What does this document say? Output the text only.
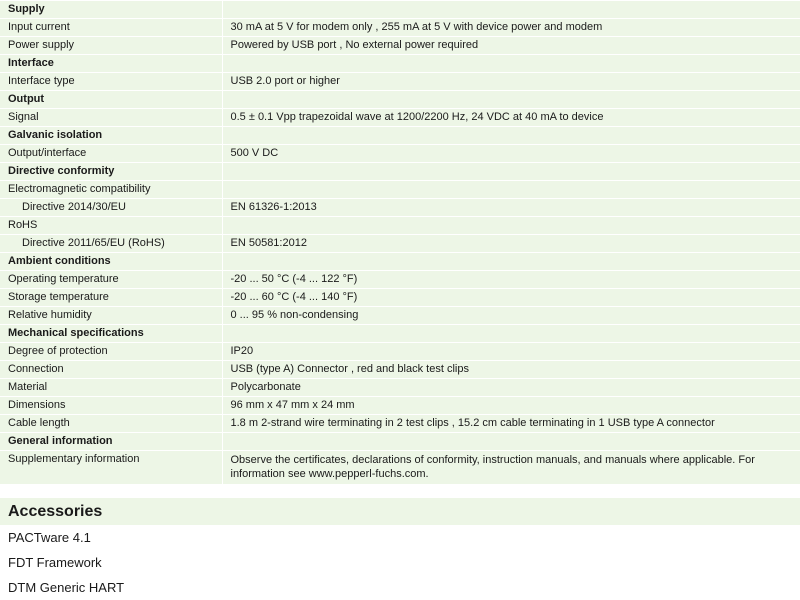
Supply	
Input current	30 mA at 5 V for modem only , 255 mA at 5 V with device power and modem
Power supply	Powered by USB port , No external power required
Interface	
Interface type	USB 2.0 port or higher
Output	
Signal	0.5 ± 0.1 Vpp trapezoidal wave at 1200/2200 Hz, 24 VDC at 40 mA to device
Galvanic isolation	
Output/interface	500 V DC
Directive conformity	
Electromagnetic compatibility	
Directive 2014/30/EU	EN 61326-1:2013
RoHS	
Directive 2011/65/EU (RoHS)	EN 50581:2012
Ambient conditions	
Operating temperature	-20 ... 50 °C (-4 ... 122 °F)
Storage temperature	-20 ... 60 °C (-4 ... 140 °F)
Relative humidity	0 ... 95 % non-condensing
Mechanical specifications	
Degree of protection	IP20
Connection	USB (type A) Connector , red and black test clips
Material	Polycarbonate
Dimensions	96 mm x 47 mm x 24 mm
Cable length	1.8 m 2-strand wire terminating in 2 test clips , 15.2 cm cable terminating in 1 USB type A connector
General information	
Supplementary information	Observe the certificates, declarations of conformity, instruction manuals, and manuals where applicable. For information see www.pepperl-fuchs.com.
Accessories
PACTware 4.1
FDT Framework
DTM Generic HART
